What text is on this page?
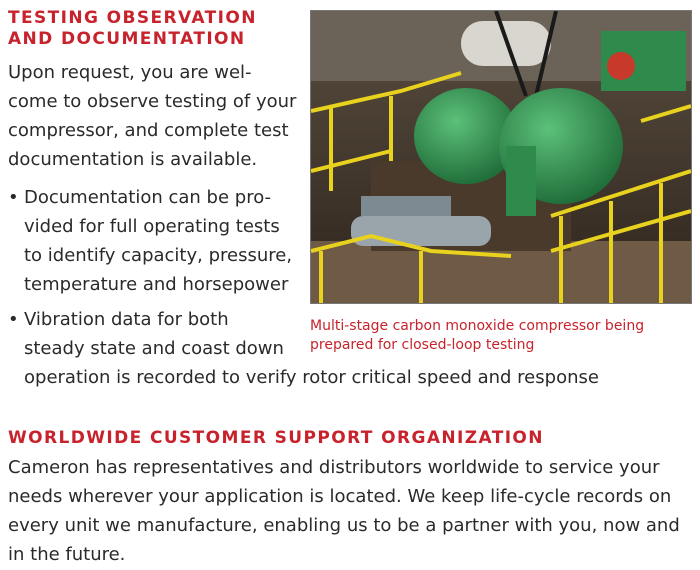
TESTING OBSERVATION
AND DOCUMENTATION

Upon request, you are wel-
come to observe testing of your
compressor, and complete test
documentation is available.

• Documentation can be pro-
vided for full operating tests
to identify capacity, pressure,
temperature and horsepower
• Vibration data for both
steady state and coast down
operation is recorded to verify rotor critical speed and response
Multi-stage carbon monoxide compressor being
prepared for closed-loop testing
WORLDWIDE CUSTOMER SUPPORT ORGANIZATION

Cameron has representatives and distributors worldwide to service your
needs wherever your application is located. We keep life-cycle records on
every unit we manufacture, enabling us to be a partner with you, now and
in the future.
